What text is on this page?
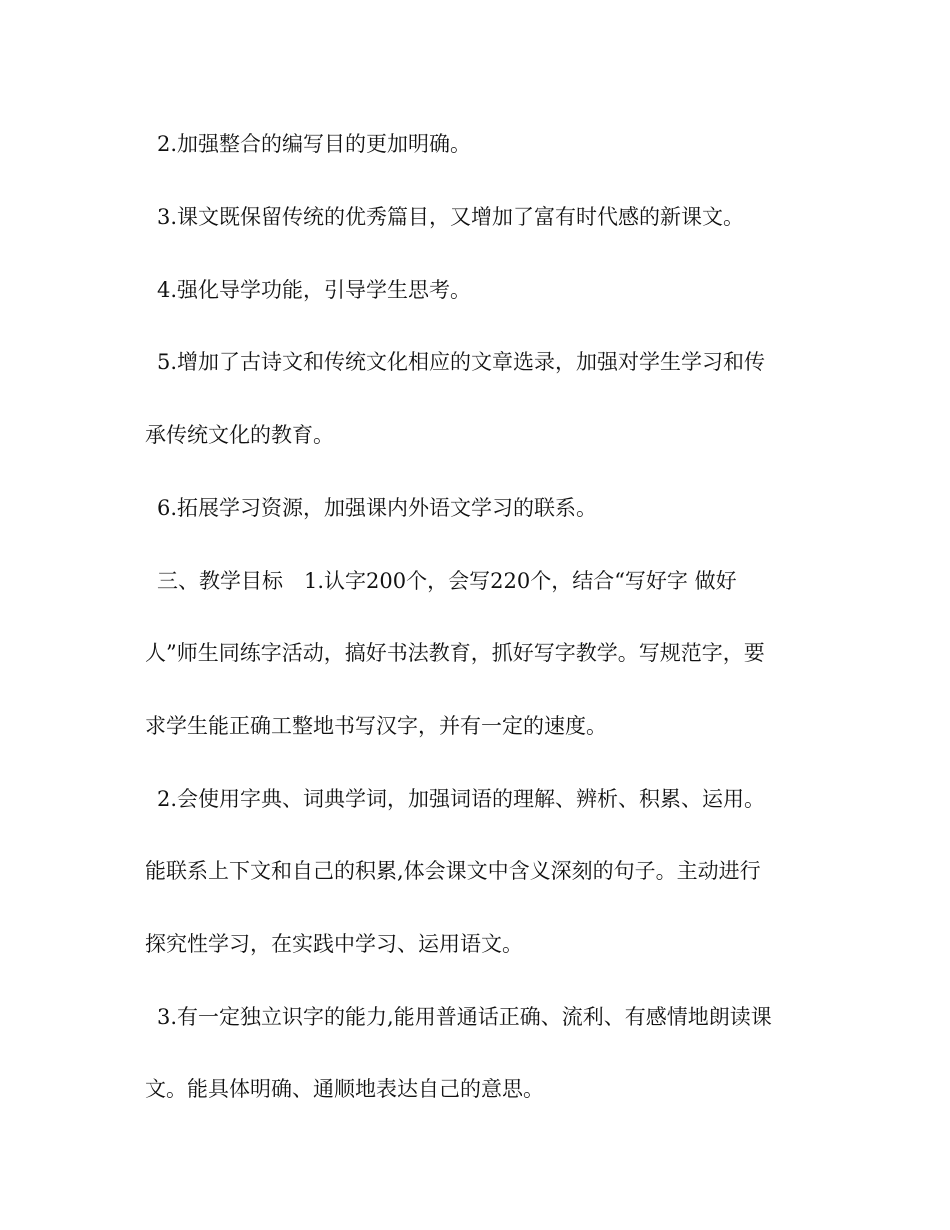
2.加强整合的编写目的更加明确。
3.课文既保留传统的优秀篇目，又增加了富有时代感的新课文。
4.强化导学功能，引导学生思考。
5.增加了古诗文和传统文化相应的文章选录，加强对学生学习和传
承传统文化的教育。
6.拓展学习资源，加强课内外语文学习的联系。
三、教学目标　1.认字200个，会写220个，结合“写好字 做好
人”师生同练字活动，搞好书法教育，抓好写字教学。写规范字，要
求学生能正确工整地书写汉字，并有一定的速度。
2.会使用字典、词典学词，加强词语的理解、辨析、积累、运用。
能联系上下文和自己的积累,体会课文中含义深刻的句子。主动进行
探究性学习，在实践中学习、运用语文。
3.有一定独立识字的能力,能用普通话正确、流利、有感情地朗读课
文。能具体明确、通顺地表达自己的意思。
